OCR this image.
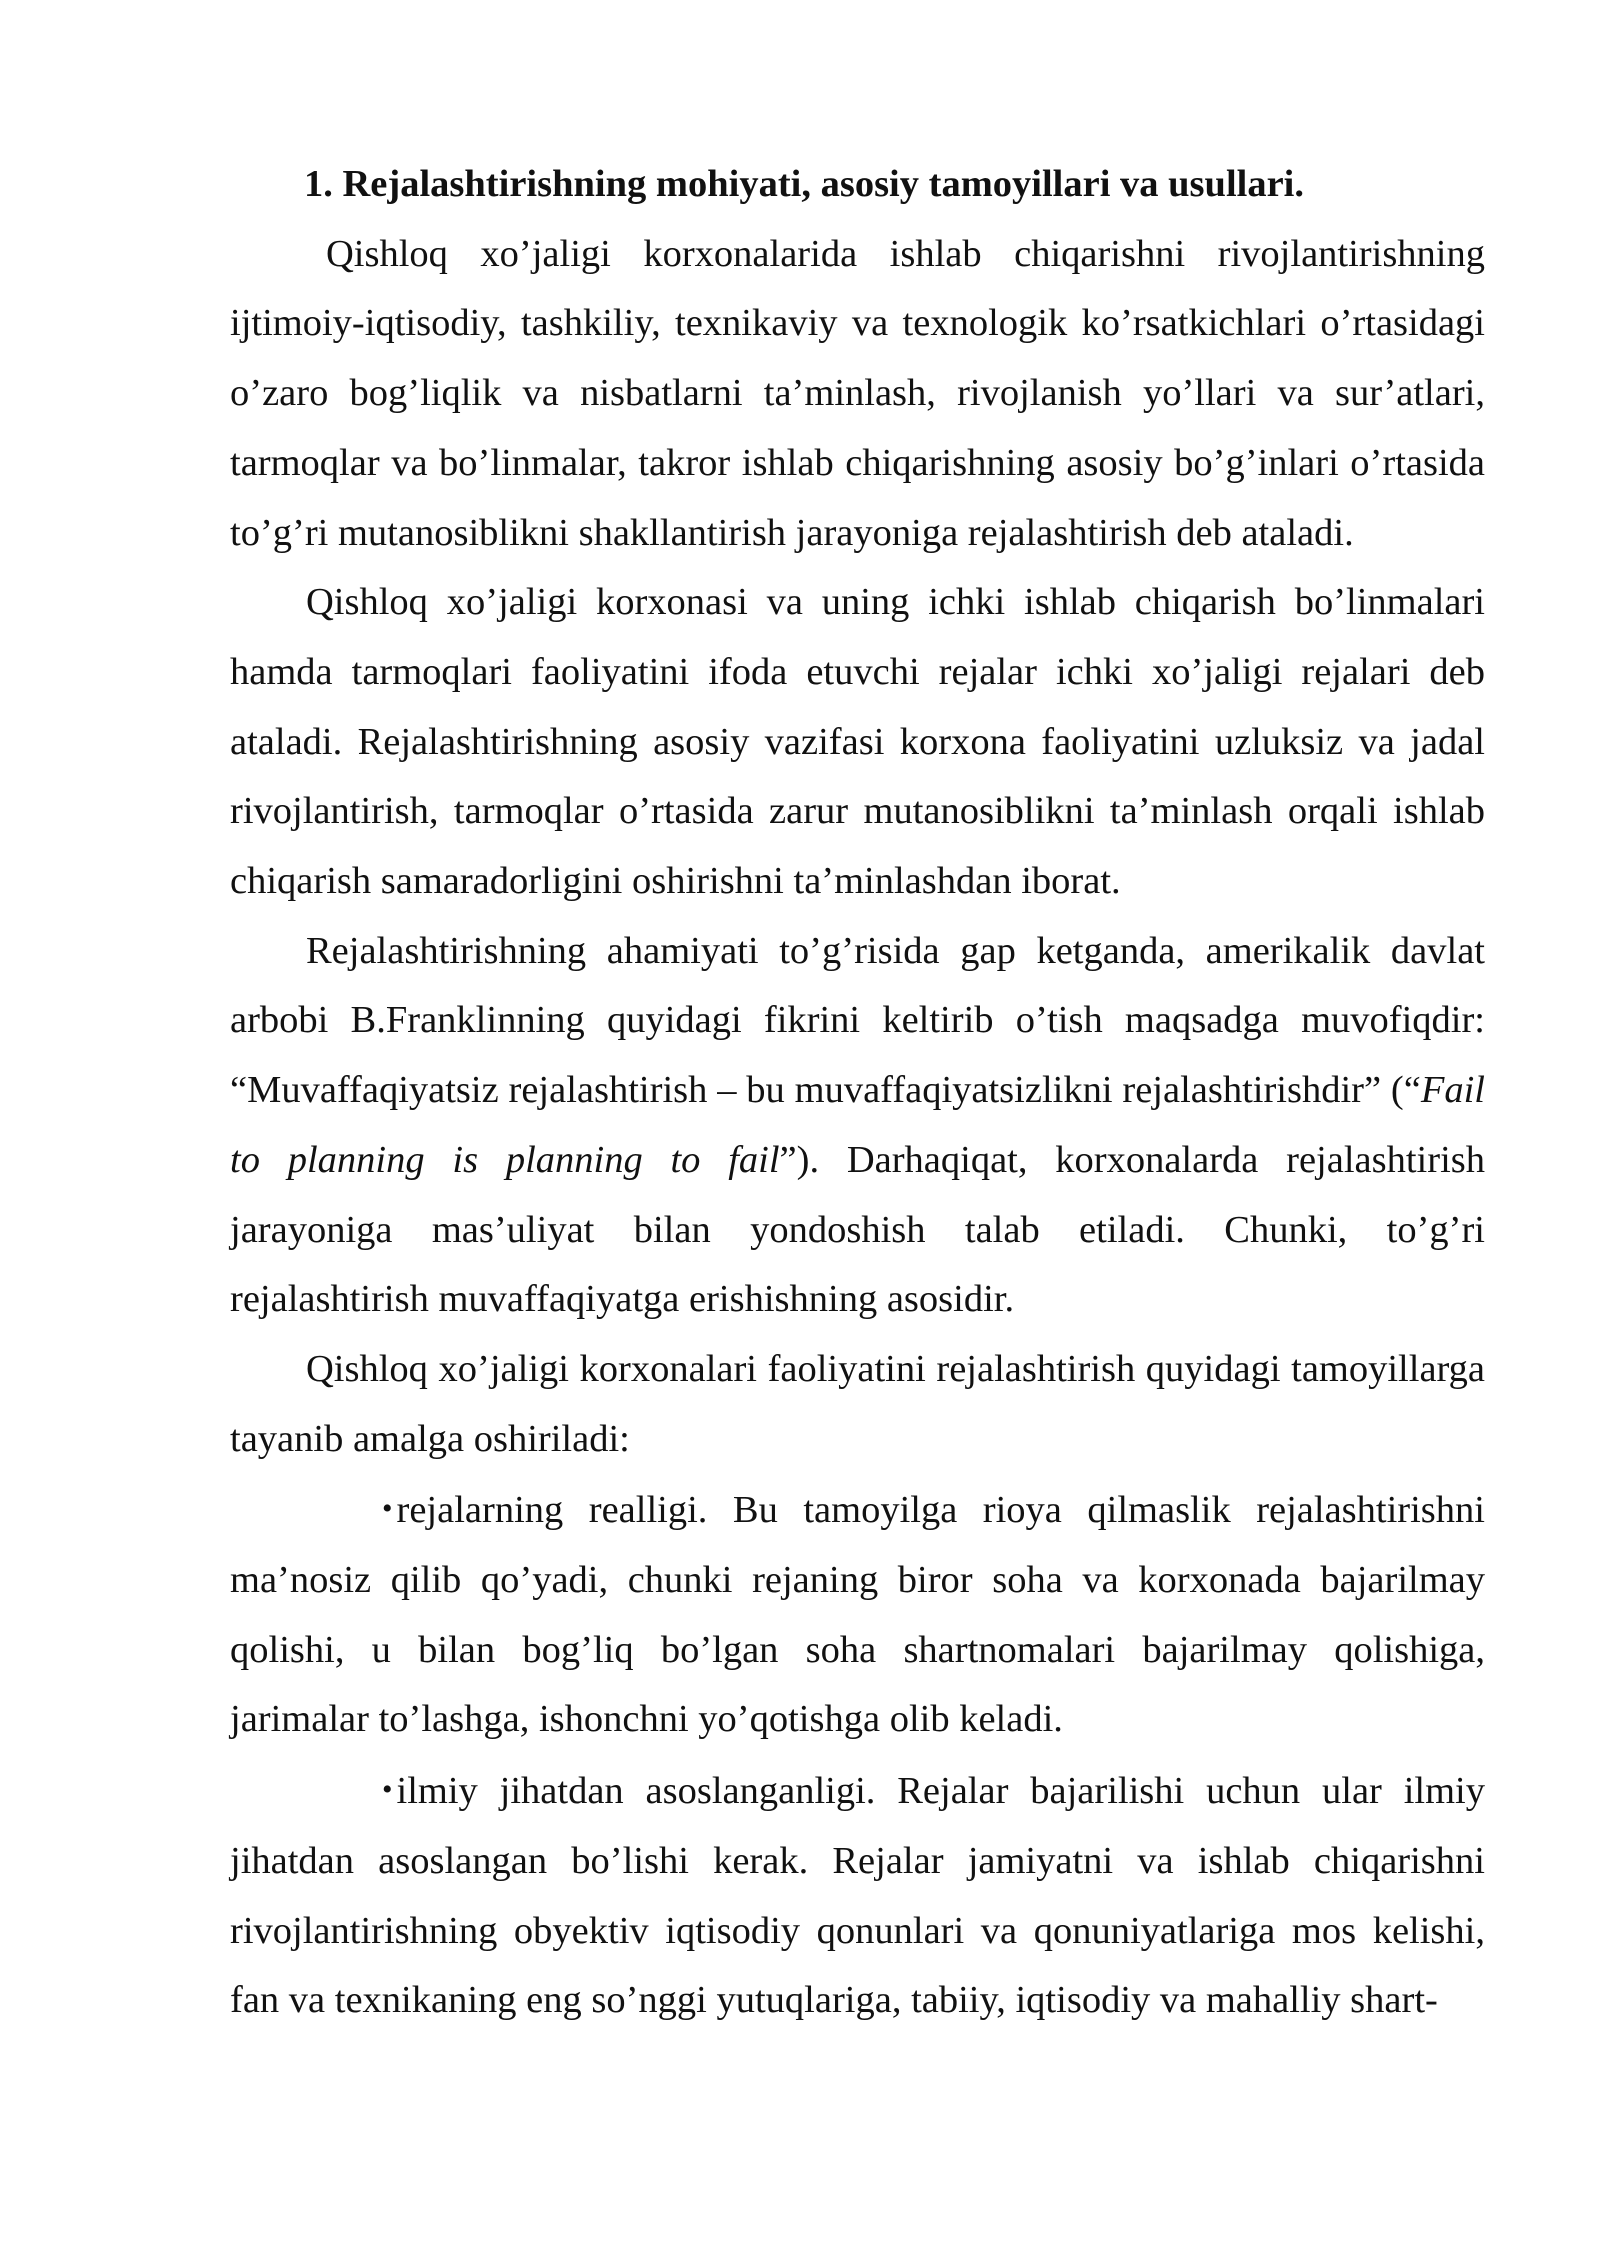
1. Rejalashtirishning mohiyati, asosiy tamoyillari va usullari.

Qishloq xo’jaligi korxonalarida ishlab chiqarishni rivojlantirishning ijtimoiy-iqtisodiy, tashkiliy, texnikaviy va texnologik ko’rsatkichlari o’rtasidagi o’zaro bog’liqlik va nisbatlarni ta’minlash, rivojlanish yo’llari va sur’atlari, tarmoqlar va bo’linmalar, takror ishlab chiqarishning asosiy bo’g’inlari o’rtasida to’g’ri mutanosiblikni shakllantirish jarayoniga rejalashtirish deb ataladi.

Qishloq xo’jaligi korxonasi va uning ichki ishlab chiqarish bo’linmalari hamda tarmoqlari faoliyatini ifoda etuvchi rejalar ichki xo’jaligi rejalari deb ataladi. Rejalashtirishning asosiy vazifasi korxona faoliyatini uzluksiz va jadal rivojlantirish, tarmoqlar o’rtasida zarur mutanosiblikni ta’minlash orqali ishlab chiqarish samaradorligini oshirishni ta’minlashdan iborat.

Rejalashtirishning ahamiyati to’g’risida gap ketganda, amerikalik davlat arbobi B.Franklinning quyidagi fikrini keltirib o’tish maqsadga muvofiqdir: “Muvaffaqiyatsiz rejalashtirish – bu muvaffaqiyatsizlikni rejalashtirishdir” (“Fail to planning is planning to fail”). Darhaqiqat, korxonalarda rejalashtirish jarayoniga mas’uliyat bilan yondoshish talab etiladi. Chunki, to’g’ri rejalashtirish muvaffaqiyatga erishishning asosidir.

Qishloq xo’jaligi korxonalari faoliyatini rejalashtirish quyidagi tamoyillarga tayanib amalga oshiriladi:

• rejalarning realligi. Bu tamoyilga rioya qilmaslik rejalashtirishni ma’nosiz qilib qo’yadi, chunki rejaning biror soha va korxonada bajarilmay qolishi, u bilan bog’liq bo’lgan soha shartnomalari bajarilmay qolishiga, jarimalar to’lashga, ishonchni yo’qotishga olib keladi.

• ilmiy jihatdan asoslanganligi. Rejalar bajarilishi uchun ular ilmiy jihatdan asoslangan bo’lishi kerak. Rejalar jamiyatni va ishlab chiqarishni rivojlantirishning obyektiv iqtisodiy qonunlari va qonuniyatlariga mos kelishi, fan va texnikaning eng so’nggi yutuqlariga, tabiiy, iqtisodiy va mahalliy shart-
